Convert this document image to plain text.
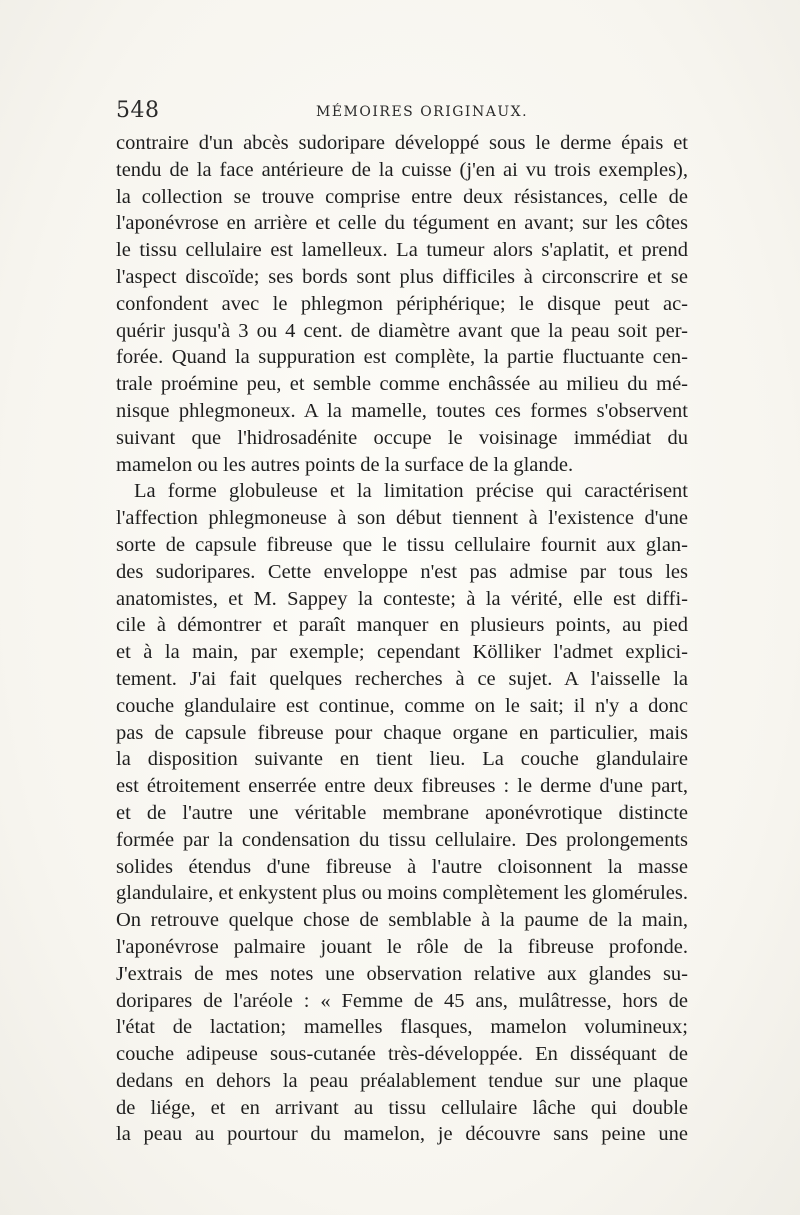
548	MÉMOIRES ORIGINAUX.
contraire d'un abcès sudoripare développé sous le derme épais et
tendu de la face antérieure de la cuisse (j'en ai vu trois exemples),
la collection se trouve comprise entre deux résistances, celle de
l'aponévrose en arrière et celle du tégument en avant; sur les côtes
le tissu cellulaire est lamelleux. La tumeur alors s'aplatit, et prend
l'aspect discoïde; ses bords sont plus difficiles à circonscrire et se
confondent avec le phlegmon périphérique; le disque peut ac-
quérir jusqu'à 3 ou 4 cent. de diamètre avant que la peau soit per-
forée. Quand la suppuration est complète, la partie fluctuante cen-
trale proémine peu, et semble comme enchâssée au milieu du mé-
nisque phlegmoneux. A la mamelle, toutes ces formes s'observent
suivant que l'hidrosadénite occupe le voisinage immédiat du
mamelon ou les autres points de la surface de la glande.
La forme globuleuse et la limitation précise qui caractérisent
l'affection phlegmoneuse à son début tiennent à l'existence d'une
sorte de capsule fibreuse que le tissu cellulaire fournit aux glan-
des sudoripares. Cette enveloppe n'est pas admise par tous les
anatomistes, et M. Sappey la conteste; à la vérité, elle est diffi-
cile à démontrer et paraît manquer en plusieurs points, au pied
et à la main, par exemple; cependant Kölliker l'admet explici-
tement. J'ai fait quelques recherches à ce sujet. A l'aisselle la
couche glandulaire est continue, comme on le sait; il n'y a donc
pas de capsule fibreuse pour chaque organe en particulier, mais
la disposition suivante en tient lieu. La couche glandulaire
est étroitement enserrée entre deux fibreuses : le derme d'une part,
et de l'autre une véritable membrane aponévrotique distincte
formée par la condensation du tissu cellulaire. Des prolongements
solides étendus d'une fibreuse à l'autre cloisonnent la masse
glandulaire, et enkystent plus ou moins complètement les glomérules.
On retrouve quelque chose de semblable à la paume de la main,
l'aponévrose palmaire jouant le rôle de la fibreuse profonde.
J'extrais de mes notes une observation relative aux glandes su-
doripares de l'aréole : « Femme de 45 ans, mulâtresse, hors de
l'état de lactation; mamelles flasques, mamelon volumineux;
couche adipeuse sous-cutanée très-développée. En disséquant de
dedans en dehors la peau préalablement tendue sur une plaque
de liége, et en arrivant au tissu cellulaire lâche qui double
la peau au pourtour du mamelon, je découvre sans peine une
